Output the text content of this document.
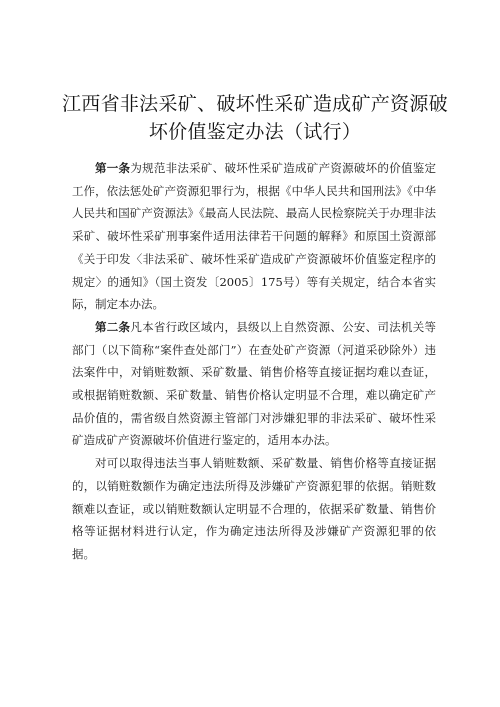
江西省非法采矿、破坏性采矿造成矿产资源破
坏价值鉴定办法（试行）

第一条为规范非法采矿、破坏性采矿造成矿产资源破坏的价值鉴定工作，依法惩处矿产资源犯罪行为，根据《中华人民共和国刑法》《中华人民共和国矿产资源法》《最高人民法院、最高人民检察院关于办理非法采矿、破坏性采矿刑事案件适用法律若干问题的解释》和原国土资源部《关于印发〈非法采矿、破坏性采矿造成矿产资源破坏价值鉴定程序的规定〉的通知》（国土资发〔2005〕175号）等有关规定，结合本省实际，制定本办法。

第二条凡本省行政区域内，县级以上自然资源、公安、司法机关等部门（以下简称“案件查处部门”）在查处矿产资源（河道采砂除外）违法案件中，对销赃数额、采矿数量、销售价格等直接证据均难以查证，或根据销赃数额、采矿数量、销售价格认定明显不合理，难以确定矿产品价值的，需省级自然资源主管部门对涉嫌犯罪的非法采矿、破坏性采矿造成矿产资源破坏价值进行鉴定的，适用本办法。

对可以取得违法当事人销赃数额、采矿数量、销售价格等直接证据的，以销赃数额作为确定违法所得及涉嫌矿产资源犯罪的依据。销赃数额难以查证，或以销赃数额认定明显不合理的，依据采矿数量、销售价格等证据材料进行认定，作为确定违法所得及涉嫌矿产资源犯罪的依据。
